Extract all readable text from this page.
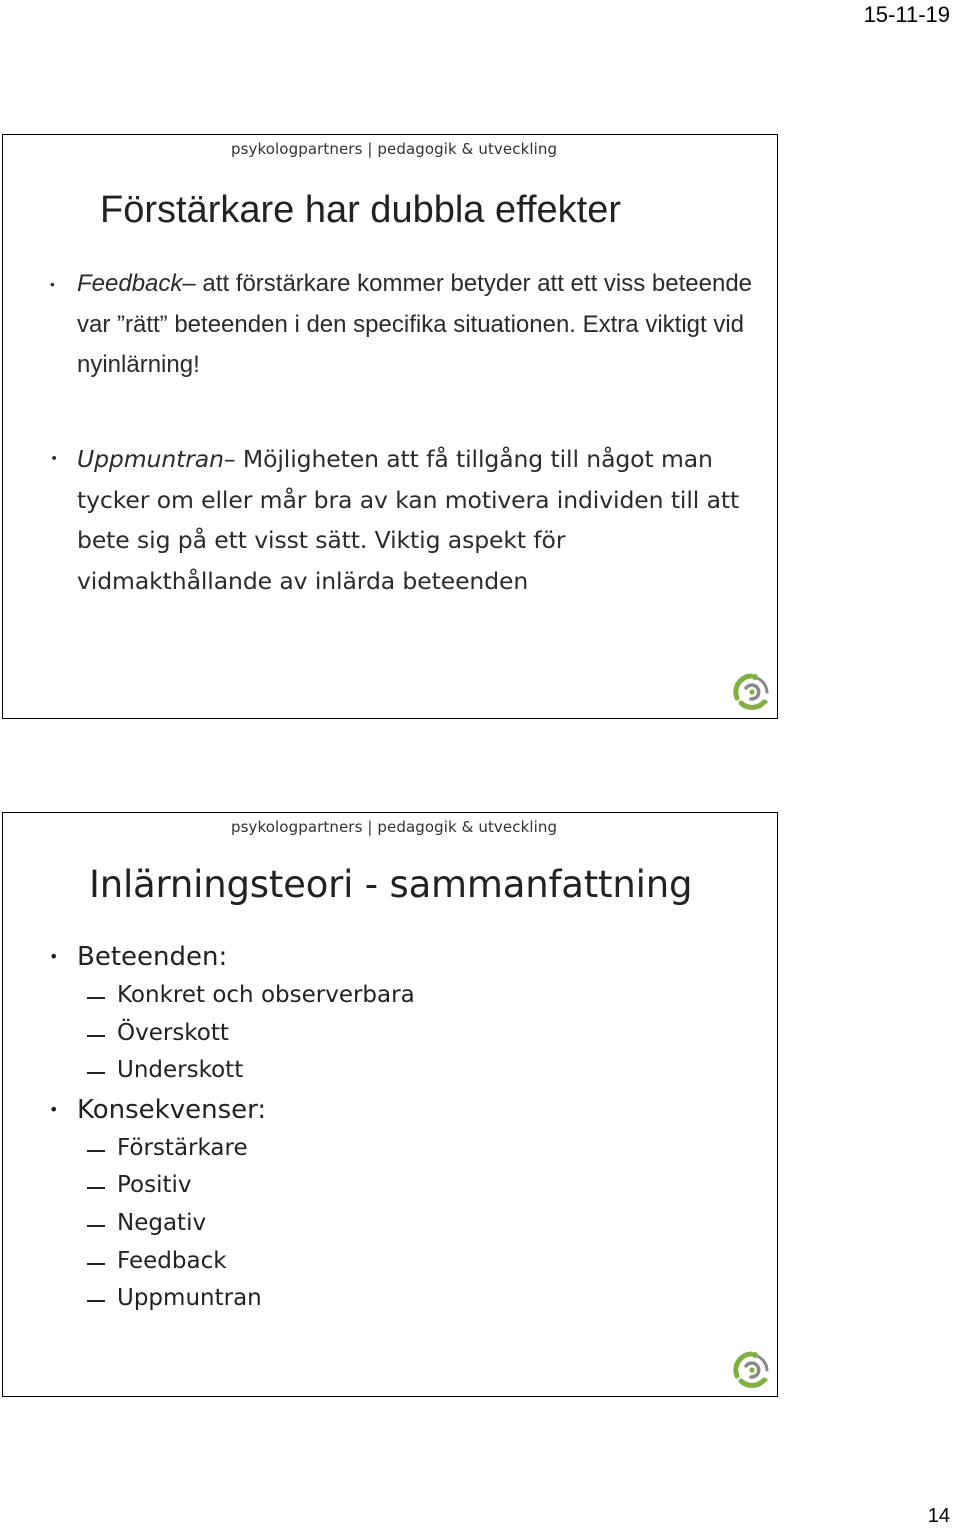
15-11-19
psykologpartners | pedagogik & utveckling
Förstärkare har dubbla effekter
• Feedback– att förstärkare kommer betyder att ett viss beteende var ”rätt” beteenden i den specifika situationen. Extra viktigt vid nyinlärning!
• Uppmuntran– Möjligheten att få tillgång till något man tycker om eller mår bra av kan motivera individen till att bete sig på ett visst sätt. Viktig aspekt för vidmakthållande av inlärda beteenden
psykologpartners | pedagogik & utveckling
Inlärningsteori - sammanfattning
• Beteenden:
Konkret och observerbara
Överskott
Underskott
• Konsekvenser:
Förstärkare
Positiv
Negativ
Feedback
Uppmuntran
14
